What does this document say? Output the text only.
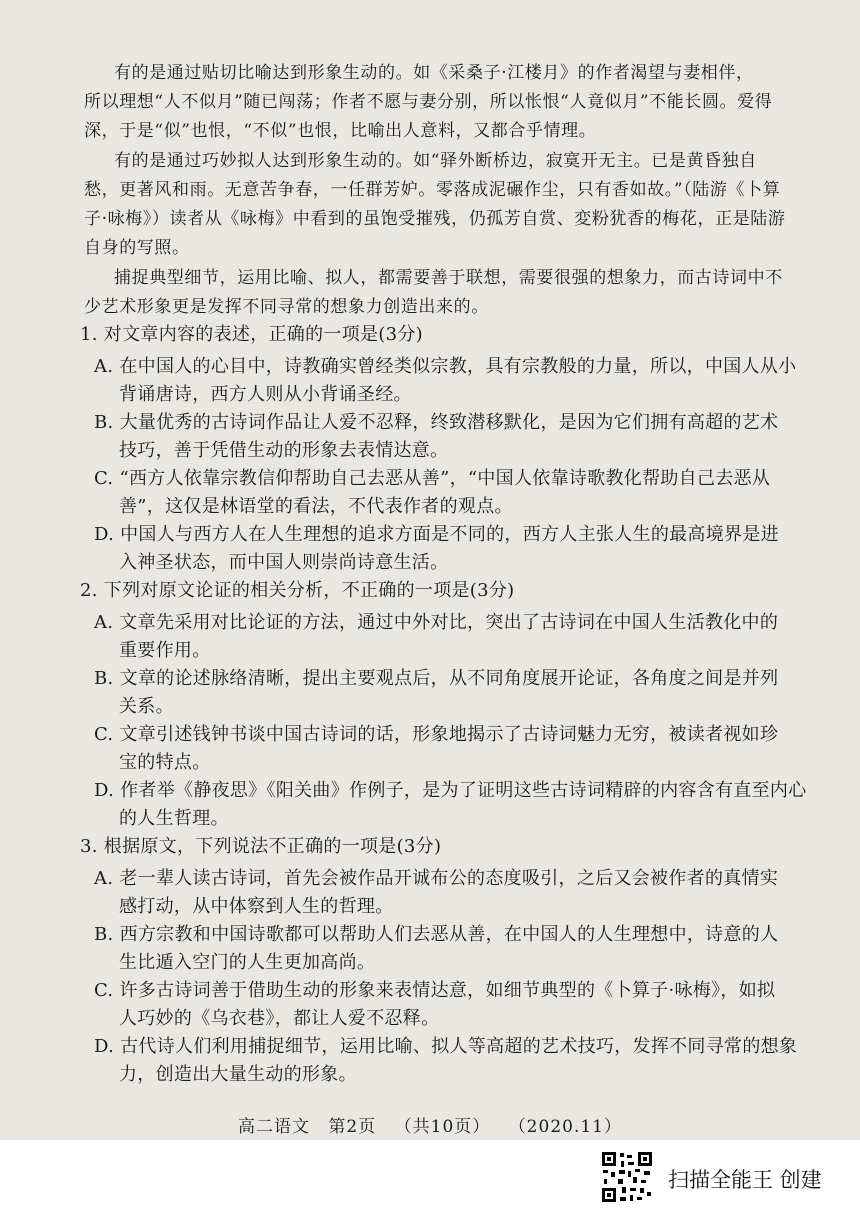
有的是通过贴切比喻达到形象生动的。如《采桑子·江楼月》的作者渴望与妻相伴，
所以理想“人不似月”随已闯荡；作者不愿与妻分别，所以怅恨“人竟似月”不能长圆。爱得
深，于是“似”也恨，“不似”也恨，比喻出人意料，又都合乎情理。
有的是通过巧妙拟人达到形象生动的。如“驿外断桥边，寂寞开无主。已是黄昏独自
愁，更著风和雨。无意苦争春，一任群芳妒。零落成泥碾作尘，只有香如故。”（陆游《卜算
子·咏梅》）读者从《咏梅》中看到的虽饱受摧残，仍孤芳自赏、変粉犹香的梅花，正是陆游
自身的写照。
捕捉典型细节，运用比喻、拟人，都需要善于联想，需要很强的想象力，而古诗词中不
少艺术形象更是发挥不同寻常的想象力创造出来的。
1. 对文章内容的表述，正确的一项是(3分)
A. 在中国人的心目中，诗教确实曾经类似宗教，具有宗教般的力量，所以，中国人从小
背诵唐诗，西方人则从小背诵圣经。
B. 大量优秀的古诗词作品让人爱不忍释，终致潜移默化，是因为它们拥有高超的艺术
技巧，善于凭借生动的形象去表情达意。
C. “西方人依靠宗教信仰帮助自己去恶从善”，“中国人依靠诗歌教化帮助自己去恶从
善”，这仅是林语堂的看法，不代表作者的观点。
D. 中国人与西方人在人生理想的追求方面是不同的，西方人主张人生的最高境界是进
入神圣状态，而中国人则崇尚诗意生活。
2. 下列对原文论证的相关分析，不正确的一项是(3分)
A. 文章先采用对比论证的方法，通过中外对比，突出了古诗词在中国人生活教化中的
重要作用。
B. 文章的论述脉络清晰，提出主要观点后，从不同角度展开论证，各角度之间是并列
关系。
C. 文章引述钱钟书谈中国古诗词的话，形象地揭示了古诗词魅力无穷，被读者视如珍
宝的特点。
D. 作者举《静夜思》《阳关曲》作例子，是为了证明这些古诗词精辟的内容含有直至内心
的人生哲理。
3. 根据原文，下列说法不正确的一项是(3分)
A. 老一辈人读古诗词，首先会被作品开诚布公的态度吸引，之后又会被作者的真情实
感打动，从中体察到人生的哲理。
B. 西方宗教和中国诗歌都可以帮助人们去恶从善，在中国人的人生理想中，诗意的人
生比遁入空门的人生更加高尚。
C. 许多古诗词善于借助生动的形象来表情达意，如细节典型的《卜算子·咏梅》，如拟
人巧妙的《乌衣巷》，都让人爱不忍释。
D. 古代诗人们利用捕捉细节，运用比喻、拟人等高超的艺术技巧，发挥不同寻常的想象
力，创造出大量生动的形象。
高二语文 第2页 （共10页） （2020.11）
扫描全能王 创建
